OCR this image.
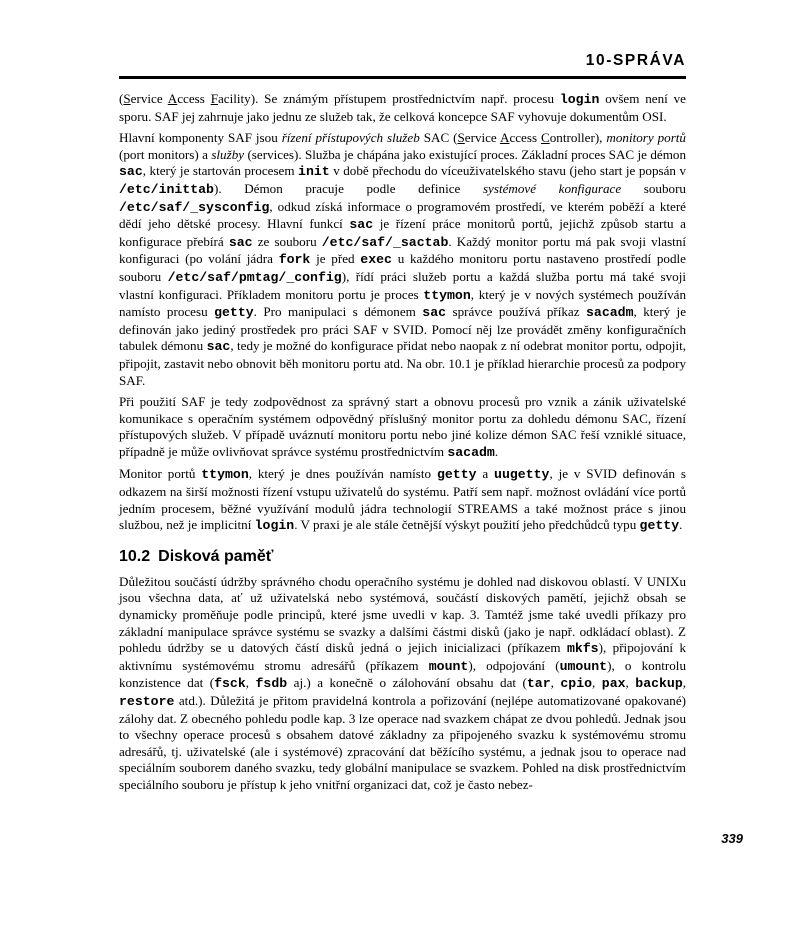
10-SPRÁVA

(Service Access Facility). Se známým přístupem prostřednictvím např. procesu login ovšem není ve sporu. SAF jej zahrnuje jako jednu ze služeb tak, že celková koncepce SAF vyhovuje dokumentům OSI.

Hlavní komponenty SAF jsou řízení přístupových služeb SAC (Service Access Controller), monitory portů (port monitors) a služby (services). Služba je chápána jako existující proces. Základní proces SAC je démon sac, který je startován procesem init v době přechodu do víceuživatelského stavu (jeho start je popsán v /etc/inittab). Démon pracuje podle definice systémové konfigurace souboru /etc/saf/_sysconfig, odkud získá informace o programovém prostředí, ve kterém poběží a které dědí jeho dětské procesy. Hlavní funkcí sac je řízení práce monitorů portů, jejichž způsob startu a konfigurace přebírá sac ze souboru /etc/saf/_sactab. Každý monitor portu má pak svoji vlastní konfiguraci (po volání jádra fork je před exec u každého monitoru portu nastaveno prostředí podle souboru /etc/saf/pmtag/_config), řídí práci služeb portu a každá služba portu má také svoji vlastní konfiguraci. Příkladem monitoru portu je proces ttymon, který je v nových systémech používán namísto procesu getty. Pro manipulaci s démonem sac správce používá příkaz sacadm, který je definován jako jediný prostředek pro práci SAF v SVID. Pomocí něj lze provádět změny konfiguračních tabulek démonu sac, tedy je možné do konfigurace přidat nebo naopak z ní odebrat monitor portu, odpojit, připojit, zastavit nebo obnovit běh monitoru portu atd. Na obr. 10.1 je příklad hierarchie procesů za podpory SAF.

Při použití SAF je tedy zodpovědnost za správný start a obnovu procesů pro vznik a zánik uživatelské komunikace s operačním systémem odpovědný příslušný monitor portu za dohledu démonu SAC, řízení přístupových služeb. V případě uváznutí monitoru portu nebo jiné kolize démon SAC řeší vzniklé situace, případně je může ovlivňovat správce systému prostřednictvím sacadm.

Monitor portů ttymon, který je dnes používán namísto getty a uugetty, je v SVID definován s odkazem na širší možnosti řízení vstupu uživatelů do systému. Patří sem např. možnost ovládání více portů jedním procesem, běžné využívání modulů jádra technologií STREAMS a také možnost práce s jinou službou, než je implicitní login. V praxi je ale stále četnější výskyt použití jeho předchůdců typu getty.

10.2 Disková paměť

Důležitou součástí údržby správného chodu operačního systému je dohled nad diskovou oblastí. V UNIXu jsou všechna data, ať už uživatelská nebo systémová, součástí diskových pamětí, jejichž obsah se dynamicky proměňuje podle principů, které jsme uvedli v kap. 3. Tamtéž jsme také uvedli příkazy pro základní manipulace správce systému se svazky a dalšími částmi disků (jako je např. odkládací oblast). Z pohledu údržby se u datových částí disků jedná o jejich inicializaci (příkazem mkfs), připojování k aktivnímu systémovému stromu adresářů (příkazem mount), odpojování (umount), o kontrolu konzistence dat (fsck, fsdb aj.) a konečně o zálohování obsahu dat (tar, cpio, pax, backup, restore atd.). Důležitá je přitom pravidelná kontrola a pořizování (nejlépe automatizované opakované) zálohy dat. Z obecného pohledu podle kap. 3 lze operace nad svazkem chápat ze dvou pohledů. Jednak jsou to všechny operace procesů s obsahem datové základny za připojeného svazku k systémovému stromu adresářů, tj. uživatelské (ale i systémové) zpracování dat běžícího systému, a jednak jsou to operace nad speciálním souborem daného svazku, tedy globální manipulace se svazkem. Pohled na disk prostřednictvím speciálního souboru je přístup k jeho vnitřní organizaci dat, což je často nebez-

339
